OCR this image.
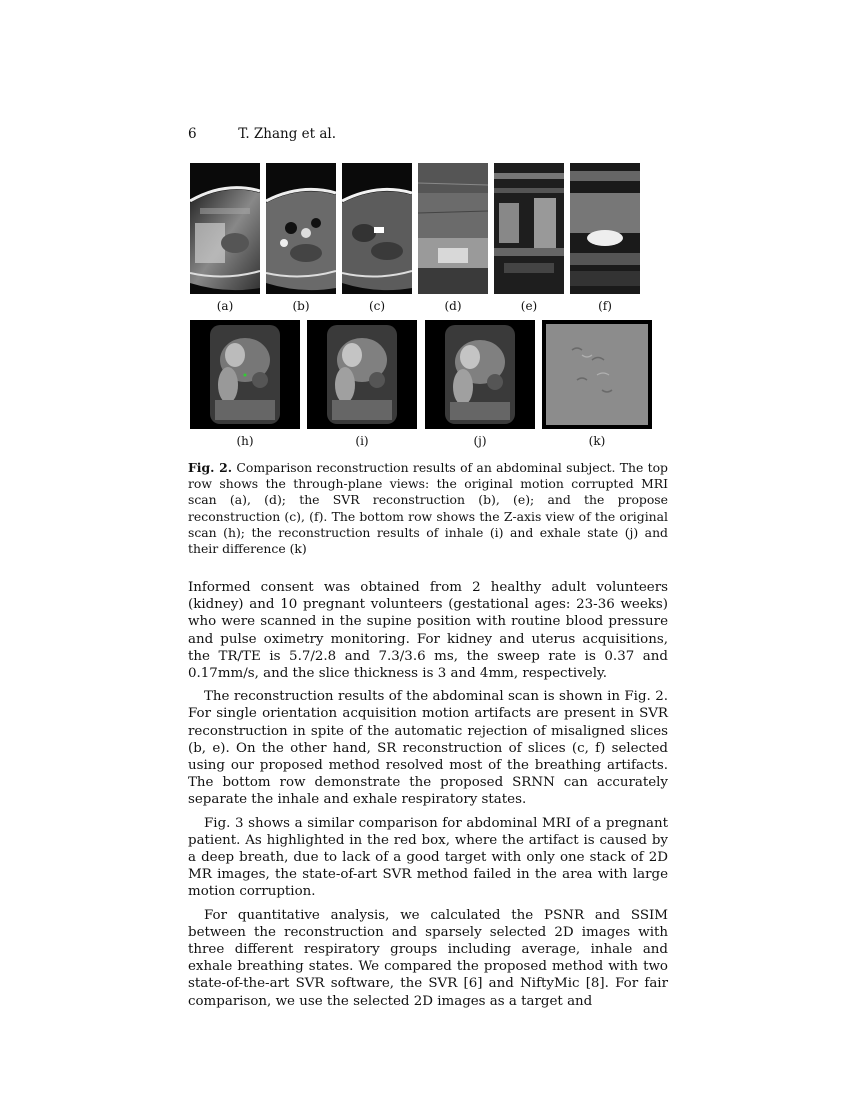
6	T. Zhang et al.
(a)	(b)	(c)	(d)	(e)	(f)
(h)	(i)	(j)	(k)
Fig. 2. Comparison reconstruction results of an abdominal subject. The top row shows the through-plane views: the original motion corrupted MRI scan (a), (d); the SVR reconstruction (b), (e); and the propose reconstruction (c), (f). The bottom row shows the Z-axis view of the original scan (h); the reconstruction results of inhale (i) and exhale state (j) and their difference (k)

Informed consent was obtained from 2 healthy adult volunteers (kidney) and 10 pregnant volunteers (gestational ages: 23-36 weeks) who were scanned in the supine position with routine blood pressure and pulse oximetry monitoring. For kidney and uterus acquisitions, the TR/TE is 5.7/2.8 and 7.3/3.6 ms, the sweep rate is 0.37 and 0.17mm/s, and the slice thickness is 3 and 4mm, respectively.

The reconstruction results of the abdominal scan is shown in Fig. 2. For single orientation acquisition motion artifacts are present in SVR reconstruction in spite of the automatic rejection of misaligned slices (b, e). On the other hand, SR reconstruction of slices (c, f) selected using our proposed method resolved most of the breathing artifacts. The bottom row demonstrate the proposed SRNN can accurately separate the inhale and exhale respiratory states.

Fig. 3 shows a similar comparison for abdominal MRI of a pregnant patient. As highlighted in the red box, where the artifact is caused by a deep breath, due to lack of a good target with only one stack of 2D MR images, the state-of-art SVR method failed in the area with large motion corruption.

For quantitative analysis, we calculated the PSNR and SSIM between the reconstruction and sparsely selected 2D images with three different respiratory groups including average, inhale and exhale breathing states. We compared the proposed method with two state-of-the-art SVR software, the SVR [6] and NiftyMic [8]. For fair comparison, we use the selected 2D images as a target and
